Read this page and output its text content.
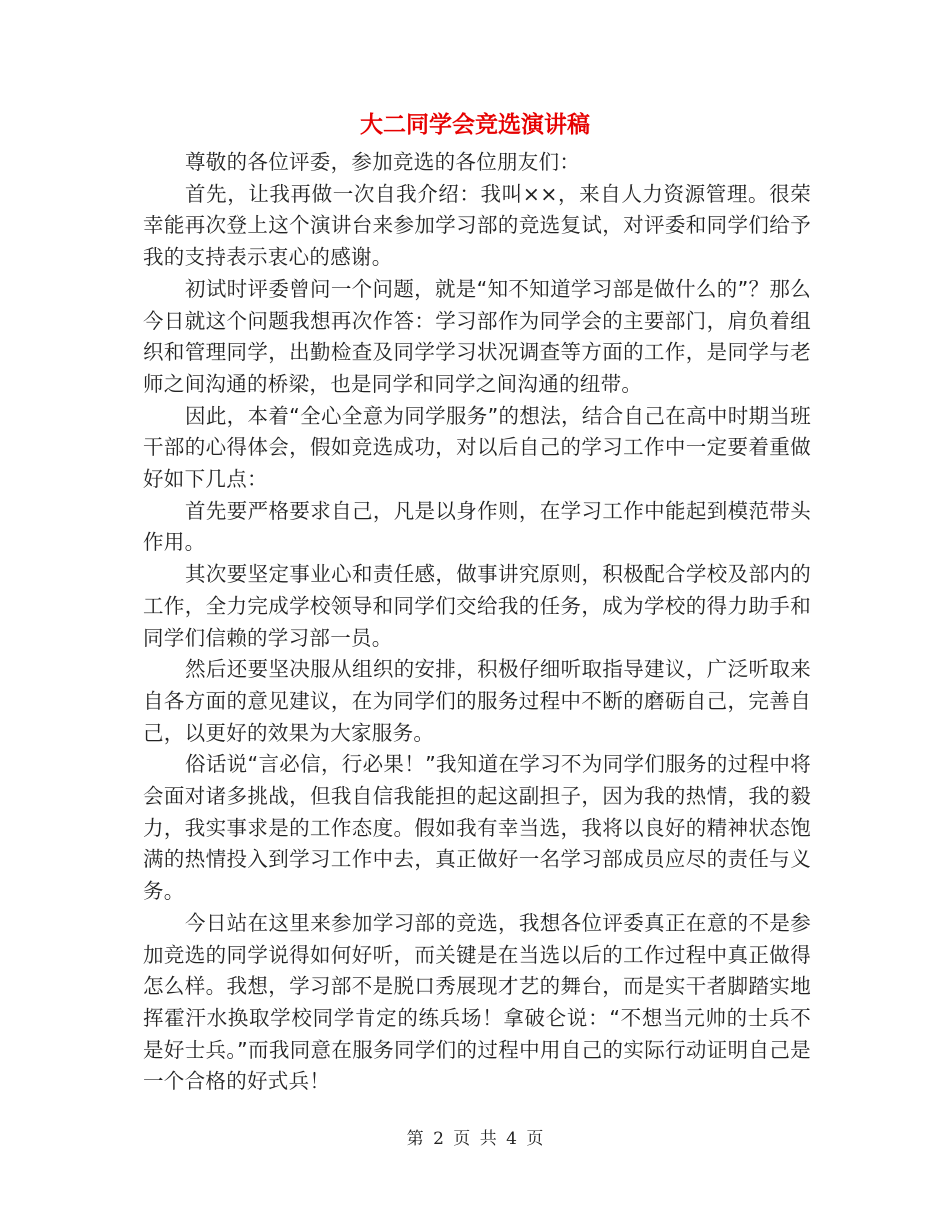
大二同学会竞选演讲稿

尊敬的各位评委，参加竞选的各位朋友们：

首先，让我再做一次自我介绍：我叫××，来自人力资源管理。很荣幸能再次登上这个演讲台来参加学习部的竞选复试，对评委和同学们给予我的支持表示衷心的感谢。

初试时评委曾问一个问题，就是“知不知道学习部是做什么的”？那么今日就这个问题我想再次作答：学习部作为同学会的主要部门，肩负着组织和管理同学，出勤检查及同学学习状况调查等方面的工作，是同学与老师之间沟通的桥梁，也是同学和同学之间沟通的纽带。

因此，本着“全心全意为同学服务”的想法，结合自己在高中时期当班干部的心得体会，假如竞选成功，对以后自己的学习工作中一定要着重做好如下几点：

首先要严格要求自己，凡是以身作则，在学习工作中能起到模范带头作用。

其次要坚定事业心和责任感，做事讲究原则，积极配合学校及部内的工作，全力完成学校领导和同学们交给我的任务，成为学校的得力助手和同学们信赖的学习部一员。

然后还要坚决服从组织的安排，积极仔细听取指导建议，广泛听取来自各方面的意见建议，在为同学们的服务过程中不断的磨砺自己，完善自己，以更好的效果为大家服务。

俗话说“言必信，行必果！”我知道在学习不为同学们服务的过程中将会面对诸多挑战，但我自信我能担的起这副担子，因为我的热情，我的毅力，我实事求是的工作态度。假如我有幸当选，我将以良好的精神状态饱满的热情投入到学习工作中去，真正做好一名学习部成员应尽的责任与义务。

今日站在这里来参加学习部的竞选，我想各位评委真正在意的不是参加竞选的同学说得如何好听，而关键是在当选以后的工作过程中真正做得怎么样。我想，学习部不是脱口秀展现才艺的舞台，而是实干者脚踏实地挥霍汗水换取学校同学肯定的练兵场！拿破仑说：“不想当元帅的士兵不是好士兵。”而我同意在服务同学们的过程中用自己的实际行动证明自己是一个合格的好式兵！

第 2 页 共 4 页
